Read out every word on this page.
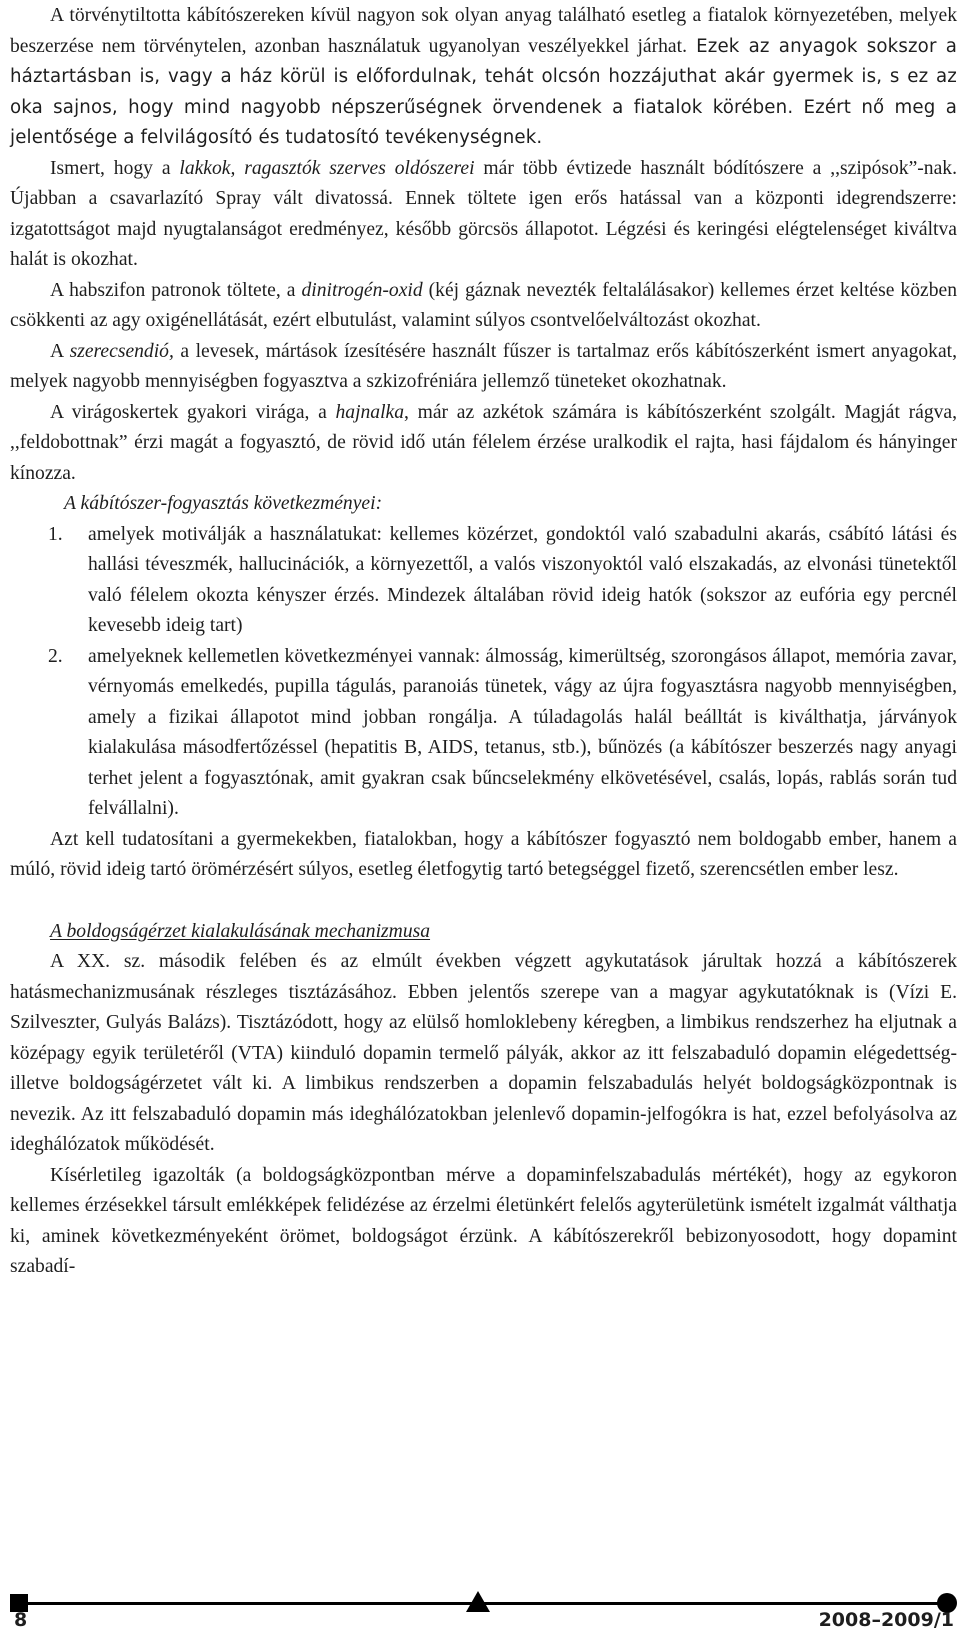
A törvénytiltotta kábítószereken kívül nagyon sok olyan anyag található esetleg a fiatalok környezetében, melyek beszerzése nem törvénytelen, azonban használatuk ugyanolyan veszélyekkel járhat. Ezek az anyagok sokszor a háztartásban is, vagy a ház körül is előfordulnak, tehát olcsón hozzájuthat akár gyermek is, s ez az oka sajnos, hogy mind nagyobb népszerűségnek örvendenek a fiatalok körében. Ezért nő meg a jelentősége a felvilágosító és tudatosító tevékenységnek.

Ismert, hogy a lakkok, ragasztók szerves oldószerei már több évtizede használt bódítószere a ,,szipósok”-nak. Újabban a csavarlazító Spray vált divatossá. Ennek töltete igen erős hatással van a központi idegrendszerre: izgatottságot majd nyugtalanságot eredményez, később görcsös állapotot. Légzési és keringési elégtelenséget kiváltva halát is okozhat.

A habszifon patronok töltete, a dinitrogén-oxid (kéj gáznak nevezték feltalálásakor) kellemes érzet keltése közben csökkenti az agy oxigénellátását, ezért elbutulást, valamint súlyos csontvelőelváltozást okozhat.

A szerecsendió, a levesek, mártások ízesítésére használt fűszer is tartalmaz erős kábítószerként ismert anyagokat, melyek nagyobb mennyiségben fogyasztva a szkizofréniára jellemző tüneteket okozhatnak.

A virágoskertek gyakori virága, a hajnalka, már az azkétok számára is kábítószerként szolgált. Magját rágva, ,,feldobottnak” érzi magát a fogyasztó, de rövid idő után félelem érzése uralkodik el rajta, hasi fájdalom és hányinger kínozza.

A kábítószer-fogyasztás következményei:

1. amelyek motiválják a használatukat: kellemes közérzet, gondoktól való szabadulni akarás, csábító látási és hallási téveszmék, hallucinációk, a környezettől, a valós viszonyoktól való elszakadás, az elvonási tünetektől való félelem okozta kényszer érzés. Mindezek általában rövid ideig hatók (sokszor az eufória egy percnél kevesebb ideig tart)
2. amelyeknek kellemetlen következményei vannak: álmosság, kimerültség, szorongásos állapot, memória zavar, vérnyomás emelkedés, pupilla tágulás, paranoiás tünetek, vágy az újra fogyasztásra nagyobb mennyiségben, amely a fizikai állapotot mind jobban rongálja. A túladagolás halál beálltát is kiválthatja, járványok kialakulása másodfertőzéssel (hepatitis B, AIDS, tetanus, stb.), bűnözés (a kábítószer beszerzés nagy anyagi terhet jelent a fogyasztónak, amit gyakran csak bűncselekmény elkövetésével, csalás, lopás, rablás során tud felvállalni).

Azt kell tudatosítani a gyermekekben, fiatalokban, hogy a kábítószer fogyasztó nem boldogabb ember, hanem a múló, rövid ideig tartó örömérzésért súlyos, esetleg életfogytig tartó betegséggel fizető, szerencsétlen ember lesz.

A boldogságérzet kialakulásának mechanizmusa

A XX. sz. második felében és az elmúlt években végzett agykutatások járultak hozzá a kábítószerek hatásmechanizmusának részleges tisztázásához. Ebben jelentős szerepe van a magyar agykutatóknak is (Vízi E. Szilveszter, Gulyás Balázs). Tisztázódott, hogy az elülső homloklebeny kéregben, a limbikus rendszerhez ha eljutnak a középagy egyik területéről (VTA) kiinduló dopamin termelő pályák, akkor az itt felszabaduló dopamin elégedettség-illetve boldogságérzetet vált ki. A limbikus rendszerben a dopamin felszabadulás helyét boldogságközpontnak is nevezik. Az itt felszabaduló dopamin más ideghálózatokban jelenlevő dopamin-jelfogókra is hat, ezzel befolyásolva az ideghálózatok működését.

Kísérletileg igazolták (a boldogságközpontban mérve a dopaminfelszabadulás mértékét), hogy az egykoron kellemes érzésekkel társult emlékképek felidézése az érzelmi életünkért felelős agyterületünk ismételt izgalmát válthatja ki, aminek következményeként örömet, boldogságot érzünk. A kábítószerekről bebizonyosodott, hogy dopamint szabadí-

8	2008–2009/1
